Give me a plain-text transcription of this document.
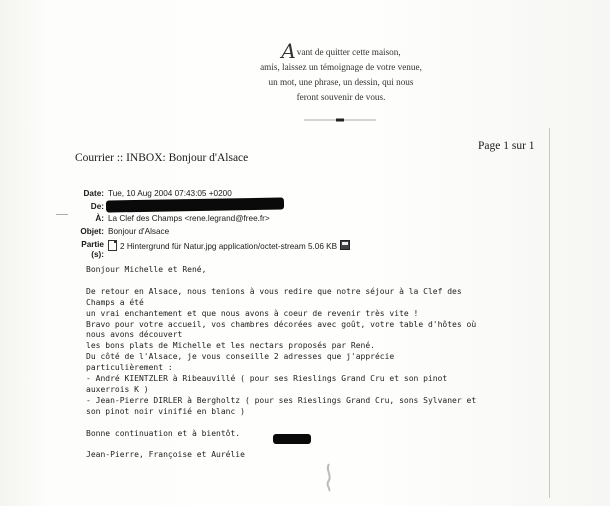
Avant de quitter cette maison,
amis, laissez un témoignage de votre venue,
un mot, une phrase, un dessin, qui nous
feront souvenir de vous.
Courrier :: INBOX: Bonjour d'Alsace
Page 1 sur 1
Date: Tue, 10 Aug 2004 07:43:05 +0200
De:
À: La Clef des Champs <rene.legrand@free.fr>
Objet: Bonjour d'Alsace
Partie
(s):
2 Hintergrund für Natur.jpg application/octet-stream 5.06 KB
Bonjour Michelle et René,

De retour en Alsace, nous tenions à vous redire que notre séjour à la Clef des
Champs a été
un vrai enchantement et que nous avons à coeur de revenir très vite !
Bravo pour votre accueil, vos chambres décorées avec goût, votre table d'hôtes où
nous avons découvert
les bons plats de Michelle et les nectars proposés par René.
Du côté de l'Alsace, je vous conseille 2 adresses que j'apprécie
particulièrement :
- André KIENTZLER à Ribeauvillé ( pour ses Rieslings Grand Cru et son pinot
auxerrois K )
- Jean-Pierre DIRLER à Bergholtz ( pour ses Rieslings Grand Cru, sons Sylvaner et
son pinot noir vinifié en blanc )

Bonne continuation et à bientôt.

Jean-Pierre, Françoise et Aurélie
